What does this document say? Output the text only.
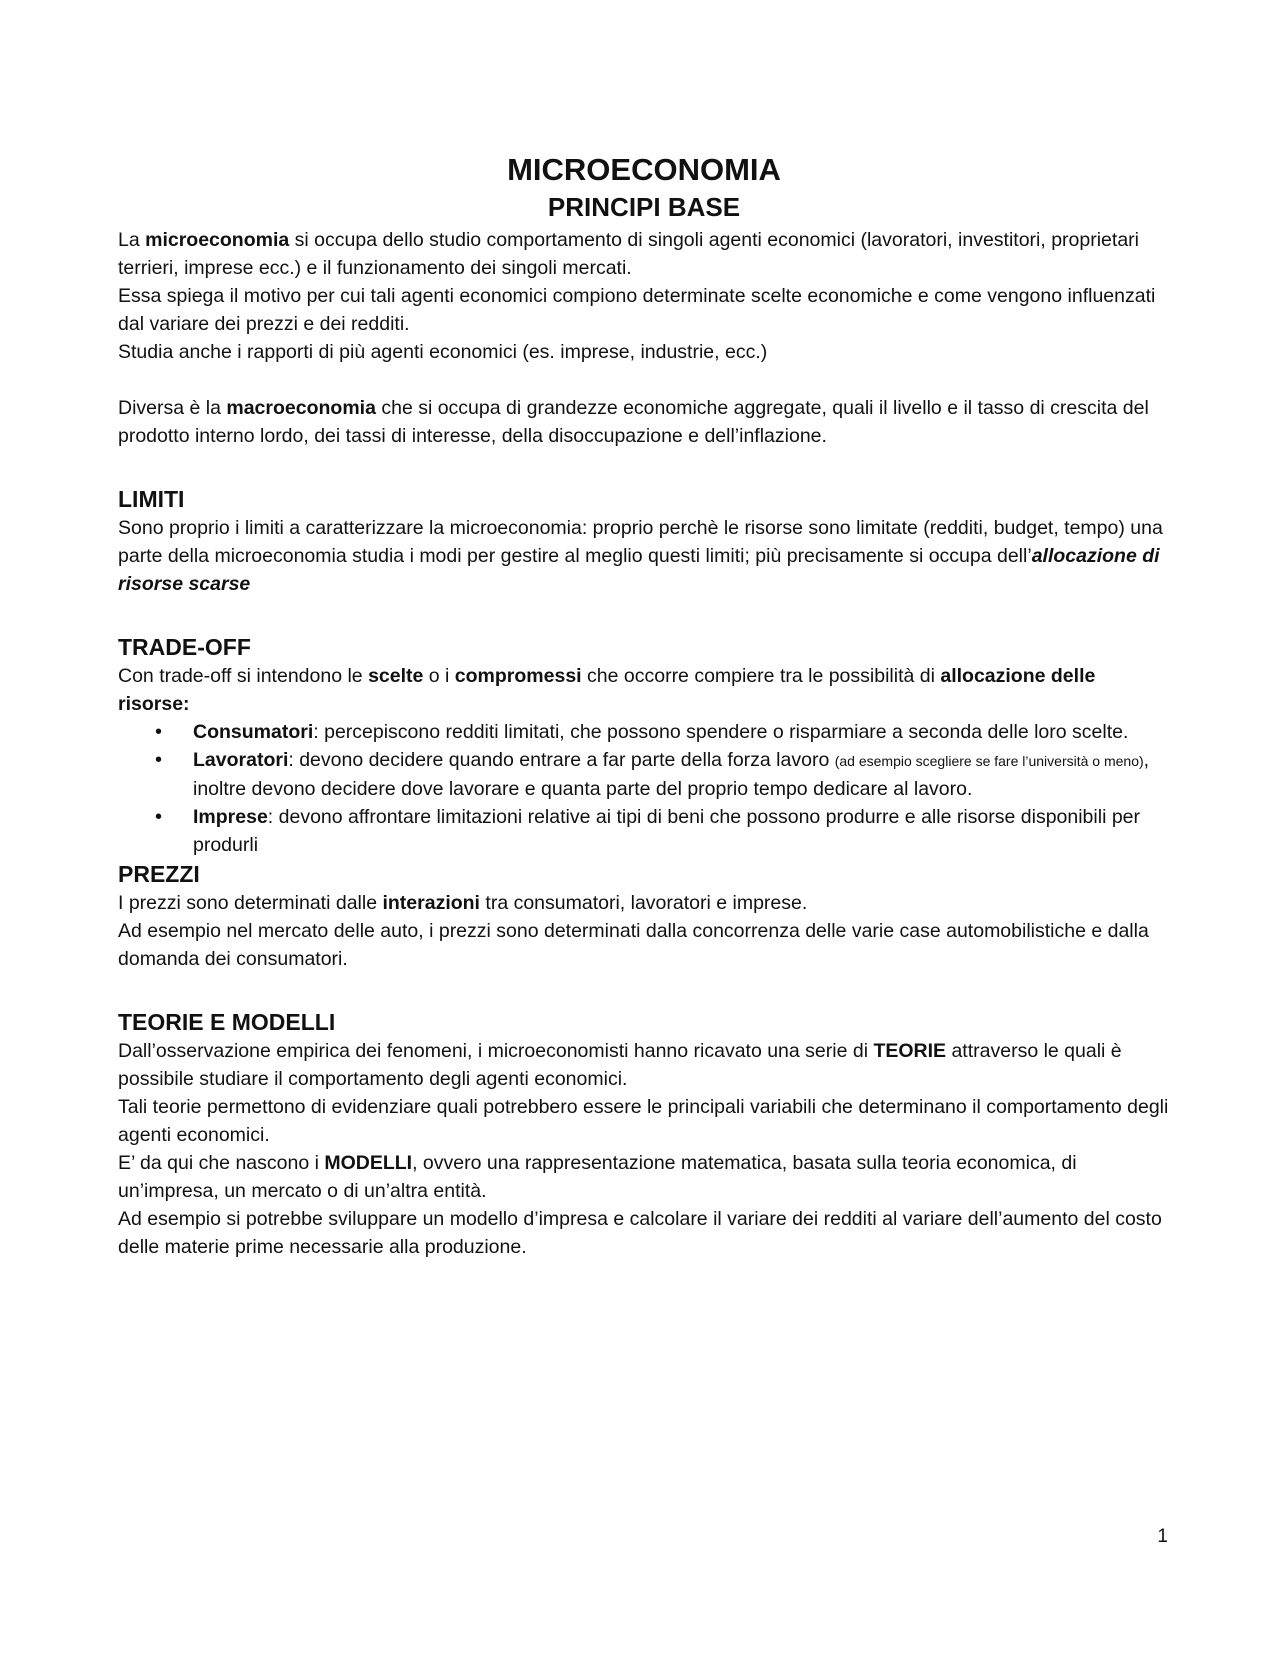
MICROECONOMIA
PRINCIPI BASE

La microeconomia si occupa dello studio comportamento di singoli agenti economici (lavoratori, investitori, proprietari terrieri, imprese ecc.) e il funzionamento dei singoli mercati.

Essa spiega il motivo per cui tali agenti economici compiono determinate scelte economiche e come vengono influenzati dal variare dei prezzi e dei redditi.

Studia anche i rapporti di più agenti economici (es. imprese, industrie, ecc.)

Diversa è la macroeconomia che si occupa di grandezze economiche aggregate, quali il livello e il tasso di crescita del prodotto interno lordo, dei tassi di interesse, della disoccupazione e dell’inflazione.

LIMITI

Sono proprio i limiti a caratterizzare la microeconomia: proprio perchè le risorse sono limitate (redditi, budget, tempo) una parte della microeconomia studia i modi per gestire al meglio questi limiti; più precisamente si occupa dell’allocazione di risorse scarse

TRADE-OFF

Con trade-off si intendono le scelte o i compromessi che occorre compiere tra le possibilità di allocazione delle risorse:

• Consumatori: percepiscono redditi limitati, che possono spendere o risparmiare a seconda delle loro scelte.
• Lavoratori: devono decidere quando entrare a far parte della forza lavoro (ad esempio scegliere se fare l’università o meno), inoltre devono decidere dove lavorare e quanta parte del proprio tempo dedicare al lavoro.
• Imprese: devono affrontare limitazioni relative ai tipi di beni che possono produrre e alle risorse disponibili per produrli
PREZZI

I prezzi sono determinati dalle interazioni tra consumatori, lavoratori e imprese.

Ad esempio nel mercato delle auto, i prezzi sono determinati dalla concorrenza delle varie case automobilistiche e dalla domanda dei consumatori.

TEORIE E MODELLI

Dall’osservazione empirica dei fenomeni, i microeconomisti hanno ricavato una serie di TEORIE attraverso le quali è possibile studiare il comportamento degli agenti economici.

Tali teorie permettono di evidenziare quali potrebbero essere le principali variabili che determinano il comportamento degli agenti economici.

E’ da qui che nascono i MODELLI, ovvero una rappresentazione matematica, basata sulla teoria economica, di un’impresa, un mercato o di un’altra entità.

Ad esempio si potrebbe sviluppare un modello d’impresa e calcolare il variare dei redditi al variare dell’aumento del costo delle materie prime necessarie alla produzione.

1
